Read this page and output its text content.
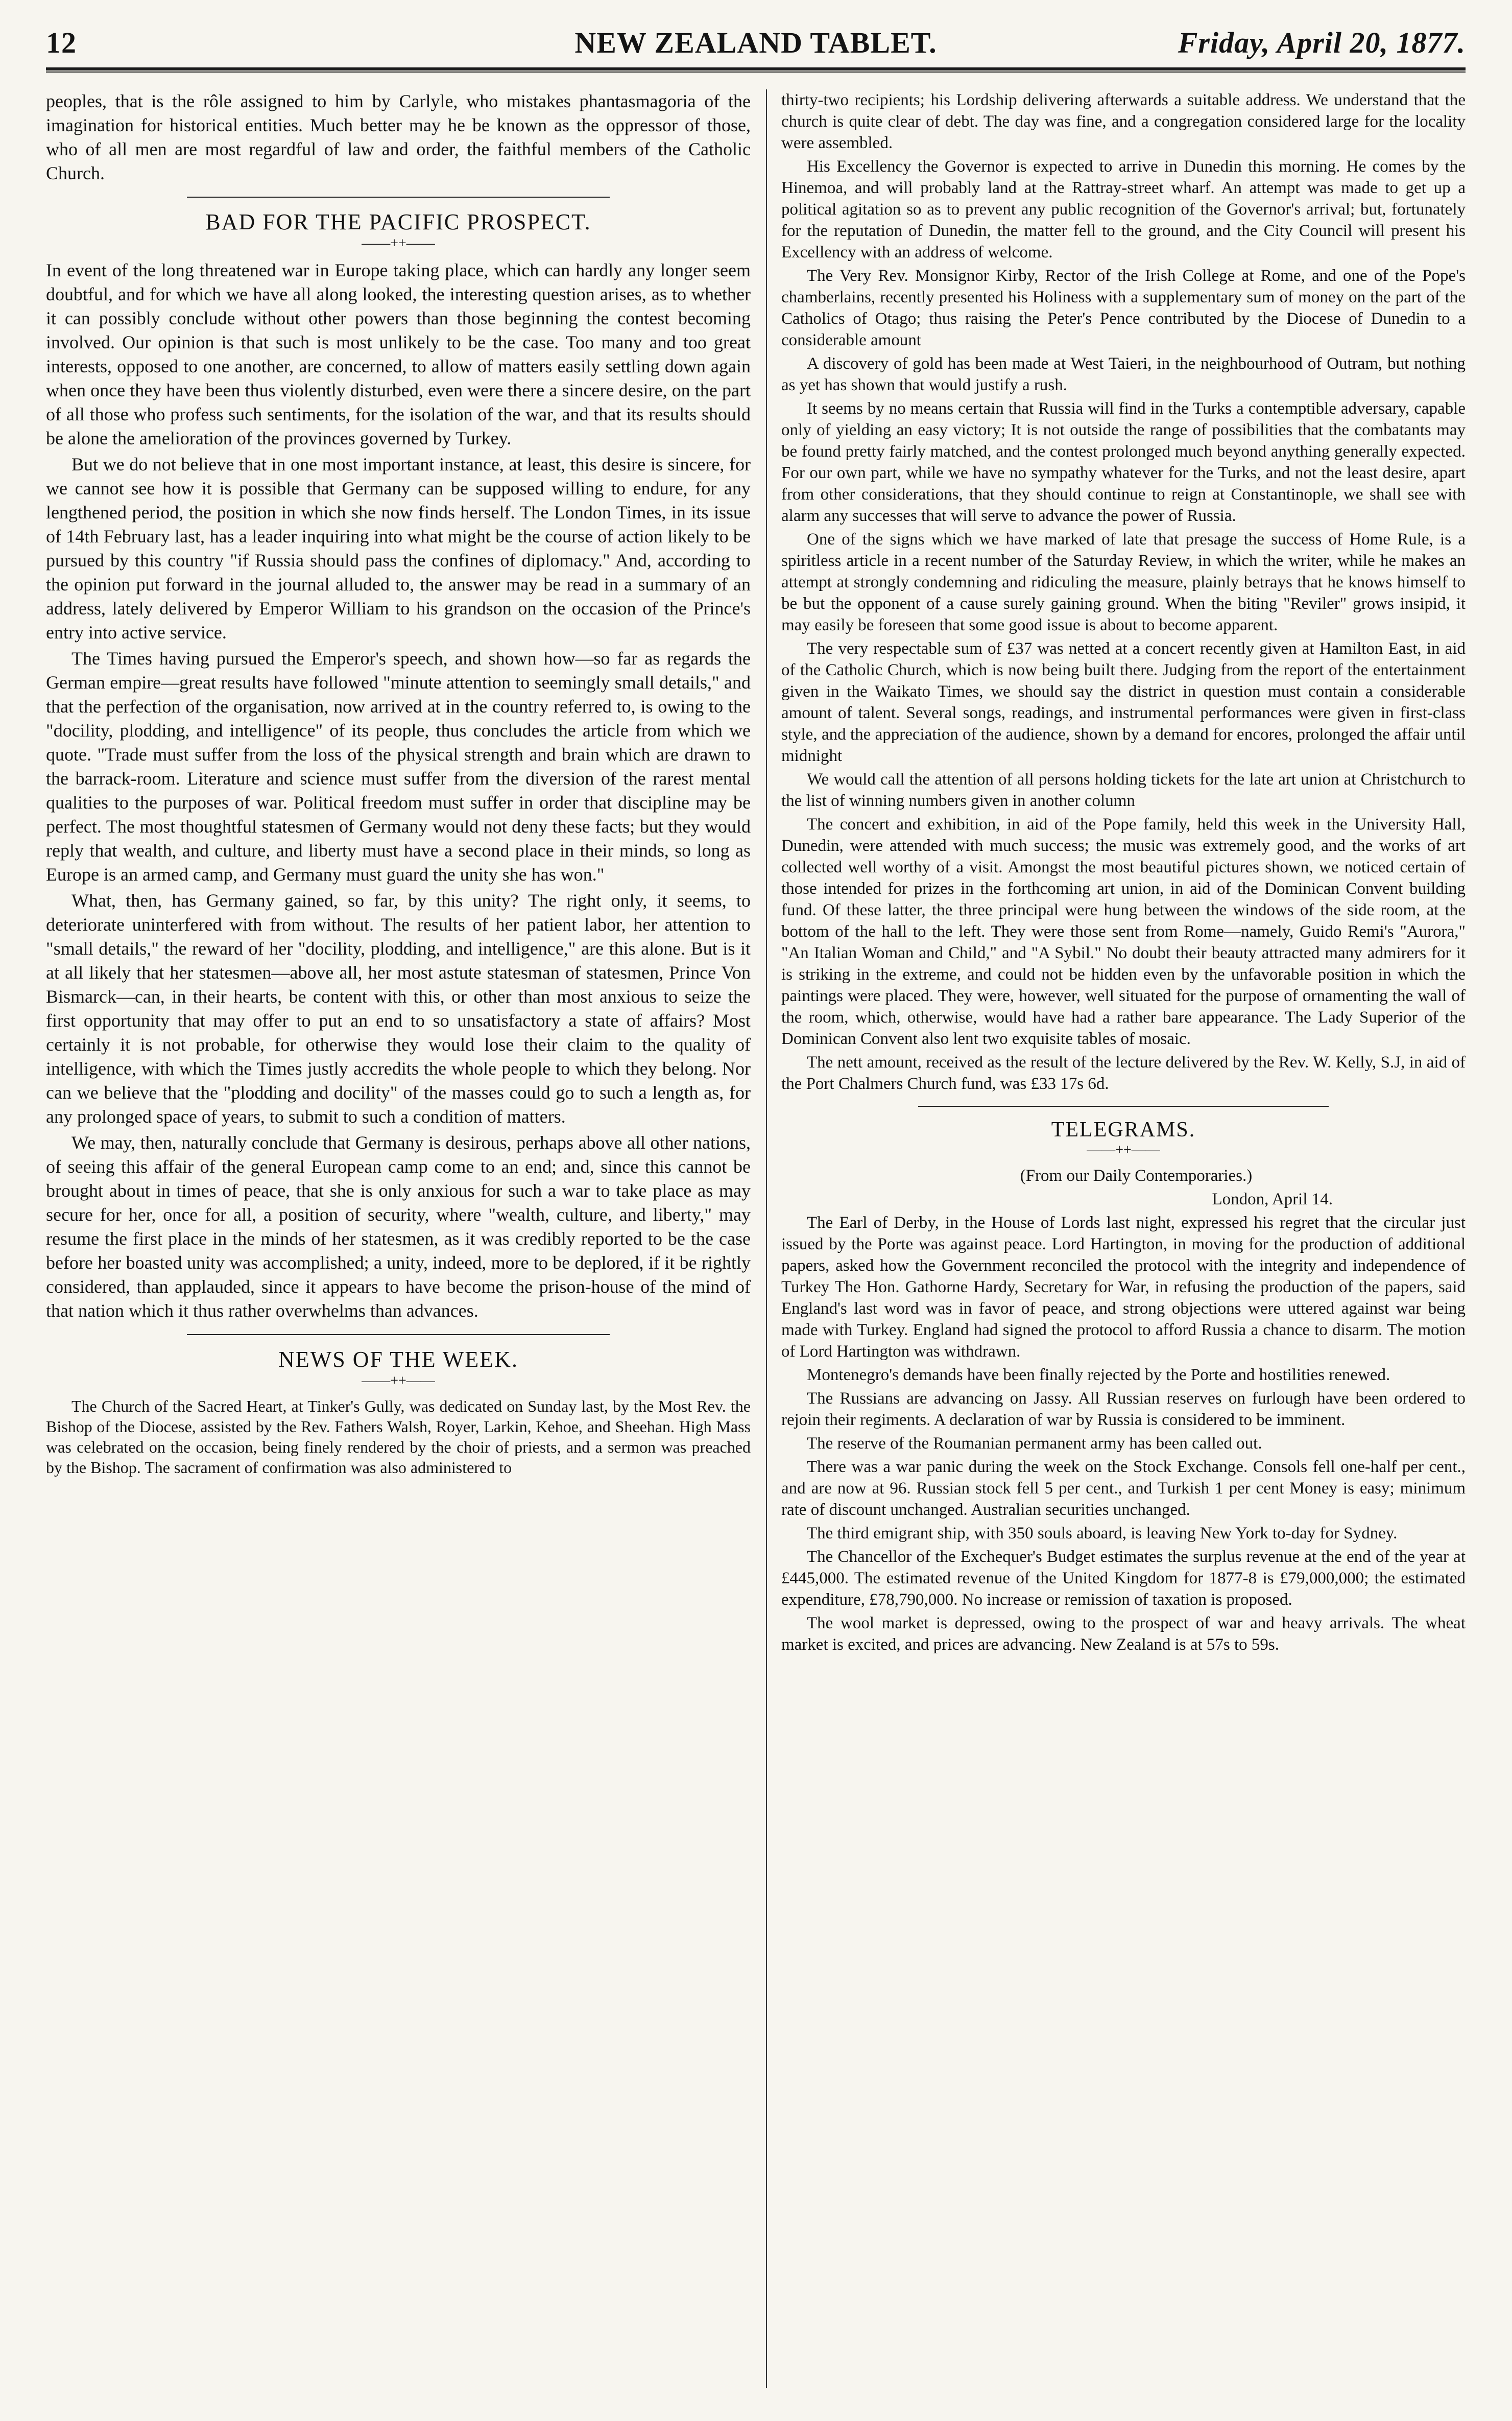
12	NEW ZEALAND TABLET.	Friday, April 20, 1877.

peoples, that is the rôle assigned to him by Carlyle, who mistakes phantasmagoria of the imagination for historical entities. Much better may he be known as the oppressor of those, who of all men are most regardful of law and order, the faithful members of the Catholic Church.

BAD FOR THE PACIFIC PROSPECT.
——++——

In event of the long threatened war in Europe taking place, which can hardly any longer seem doubtful, and for which we have all along looked, the interesting question arises, as to whether it can possibly conclude without other powers than those beginning the contest becoming involved. Our opinion is that such is most unlikely to be the case. Too many and too great interests, opposed to one another, are concerned, to allow of matters easily settling down again when once they have been thus violently disturbed, even were there a sincere desire, on the part of all those who profess such sentiments, for the isolation of the war, and that its results should be alone the amelioration of the provinces governed by Turkey.

But we do not believe that in one most important instance, at least, this desire is sincere, for we cannot see how it is possible that Germany can be supposed willing to endure, for any lengthened period, the position in which she now finds herself. The London Times, in its issue of 14th February last, has a leader inquiring into what might be the course of action likely to be pursued by this country "if Russia should pass the confines of diplomacy." And, according to the opinion put forward in the journal alluded to, the answer may be read in a summary of an address, lately delivered by Emperor William to his grandson on the occasion of the Prince's entry into active service.

The Times having pursued the Emperor's speech, and shown how—so far as regards the German empire—great results have followed "minute attention to seemingly small details," and that the perfection of the organisation, now arrived at in the country referred to, is owing to the "docility, plodding, and intelligence" of its people, thus concludes the article from which we quote. "Trade must suffer from the loss of the physical strength and brain which are drawn to the barrack-room. Literature and science must suffer from the diversion of the rarest mental qualities to the purposes of war. Political freedom must suffer in order that discipline may be perfect. The most thoughtful statesmen of Germany would not deny these facts; but they would reply that wealth, and culture, and liberty must have a second place in their minds, so long as Europe is an armed camp, and Germany must guard the unity she has won."

What, then, has Germany gained, so far, by this unity? The right only, it seems, to deteriorate uninterfered with from without. The results of her patient labor, her attention to "small details," the reward of her "docility, plodding, and intelligence," are this alone. But is it at all likely that her statesmen—above all, her most astute statesman of statesmen, Prince Von Bismarck—can, in their hearts, be content with this, or other than most anxious to seize the first opportunity that may offer to put an end to so unsatisfactory a state of affairs? Most certainly it is not probable, for otherwise they would lose their claim to the quality of intelligence, with which the Times justly accredits the whole people to which they belong. Nor can we believe that the "plodding and docility" of the masses could go to such a length as, for any prolonged space of years, to submit to such a condition of matters.

We may, then, naturally conclude that Germany is desirous, perhaps above all other nations, of seeing this affair of the general European camp come to an end; and, since this cannot be brought about in times of peace, that she is only anxious for such a war to take place as may secure for her, once for all, a position of security, where "wealth, culture, and liberty," may resume the first place in the minds of her statesmen, as it was credibly reported to be the case before her boasted unity was accomplished; a unity, indeed, more to be deplored, if it be rightly considered, than applauded, since it appears to have become the prison-house of the mind of that nation which it thus rather overwhelms than advances.

NEWS OF THE WEEK.
——++——

The Church of the Sacred Heart, at Tinker's Gully, was dedicated on Sunday last, by the Most Rev. the Bishop of the Diocese, assisted by the Rev. Fathers Walsh, Royer, Larkin, Kehoe, and Sheehan. High Mass was celebrated on the occasion, being finely rendered by the choir of priests, and a sermon was preached by the Bishop. The sacrament of confirmation was also administered to

thirty-two recipients; his Lordship delivering afterwards a suitable address. We understand that the church is quite clear of debt. The day was fine, and a congregation considered large for the locality were assembled.

His Excellency the Governor is expected to arrive in Dunedin this morning. He comes by the Hinemoa, and will probably land at the Rattray-street wharf. An attempt was made to get up a political agitation so as to prevent any public recognition of the Governor's arrival; but, fortunately for the reputation of Dunedin, the matter fell to the ground, and the City Council will present his Excellency with an address of welcome.

The Very Rev. Monsignor Kirby, Rector of the Irish College at Rome, and one of the Pope's chamberlains, recently presented his Holiness with a supplementary sum of money on the part of the Catholics of Otago; thus raising the Peter's Pence contributed by the Diocese of Dunedin to a considerable amount

A discovery of gold has been made at West Taieri, in the neighbourhood of Outram, but nothing as yet has shown that would justify a rush.

It seems by no means certain that Russia will find in the Turks a contemptible adversary, capable only of yielding an easy victory; It is not outside the range of possibilities that the combatants may be found pretty fairly matched, and the contest prolonged much beyond anything generally expected. For our own part, while we have no sympathy whatever for the Turks, and not the least desire, apart from other considerations, that they should continue to reign at Constantinople, we shall see with alarm any successes that will serve to advance the power of Russia.

One of the signs which we have marked of late that presage the success of Home Rule, is a spiritless article in a recent number of the Saturday Review, in which the writer, while he makes an attempt at strongly condemning and ridiculing the measure, plainly betrays that he knows himself to be but the opponent of a cause surely gaining ground. When the biting "Reviler" grows insipid, it may easily be foreseen that some good issue is about to become apparent.

The very respectable sum of £37 was netted at a concert recently given at Hamilton East, in aid of the Catholic Church, which is now being built there. Judging from the report of the entertainment given in the Waikato Times, we should say the district in question must contain a considerable amount of talent. Several songs, readings, and instrumental performances were given in first-class style, and the appreciation of the audience, shown by a demand for encores, prolonged the affair until midnight

We would call the attention of all persons holding tickets for the late art union at Christchurch to the list of winning numbers given in another column

The concert and exhibition, in aid of the Pope family, held this week in the University Hall, Dunedin, were attended with much success; the music was extremely good, and the works of art collected well worthy of a visit. Amongst the most beautiful pictures shown, we noticed certain of those intended for prizes in the forthcoming art union, in aid of the Dominican Convent building fund. Of these latter, the three principal were hung between the windows of the side room, at the bottom of the hall to the left. They were those sent from Rome—namely, Guido Remi's "Aurora," "An Italian Woman and Child," and "A Sybil." No doubt their beauty attracted many admirers for it is striking in the extreme, and could not be hidden even by the unfavorable position in which the paintings were placed. They were, however, well situated for the purpose of ornamenting the wall of the room, which, otherwise, would have had a rather bare appearance. The Lady Superior of the Dominican Convent also lent two exquisite tables of mosaic.

The nett amount, received as the result of the lecture delivered by the Rev. W. Kelly, S.J, in aid of the Port Chalmers Church fund, was £33 17s 6d.

TELEGRAMS.
——++——

(From our Daily Contemporaries.)

London, April 14.

The Earl of Derby, in the House of Lords last night, expressed his regret that the circular just issued by the Porte was against peace. Lord Hartington, in moving for the production of additional papers, asked how the Government reconciled the protocol with the integrity and independence of Turkey The Hon. Gathorne Hardy, Secretary for War, in refusing the production of the papers, said England's last word was in favor of peace, and strong objections were uttered against war being made with Turkey. England had signed the protocol to afford Russia a chance to disarm. The motion of Lord Hartington was withdrawn.

Montenegro's demands have been finally rejected by the Porte and hostilities renewed.

The Russians are advancing on Jassy. All Russian reserves on furlough have been ordered to rejoin their regiments. A declaration of war by Russia is considered to be imminent.

The reserve of the Roumanian permanent army has been called out.

There was a war panic during the week on the Stock Exchange. Consols fell one-half per cent., and are now at 96. Russian stock fell 5 per cent., and Turkish 1 per cent Money is easy; minimum rate of discount unchanged. Australian securities unchanged.

The third emigrant ship, with 350 souls aboard, is leaving New York to-day for Sydney.

The Chancellor of the Exchequer's Budget estimates the surplus revenue at the end of the year at £445,000. The estimated revenue of the United Kingdom for 1877-8 is £79,000,000; the estimated expenditure, £78,790,000. No increase or remission of taxation is proposed.

The wool market is depressed, owing to the prospect of war and heavy arrivals. The wheat market is excited, and prices are advancing. New Zealand is at 57s to 59s.
